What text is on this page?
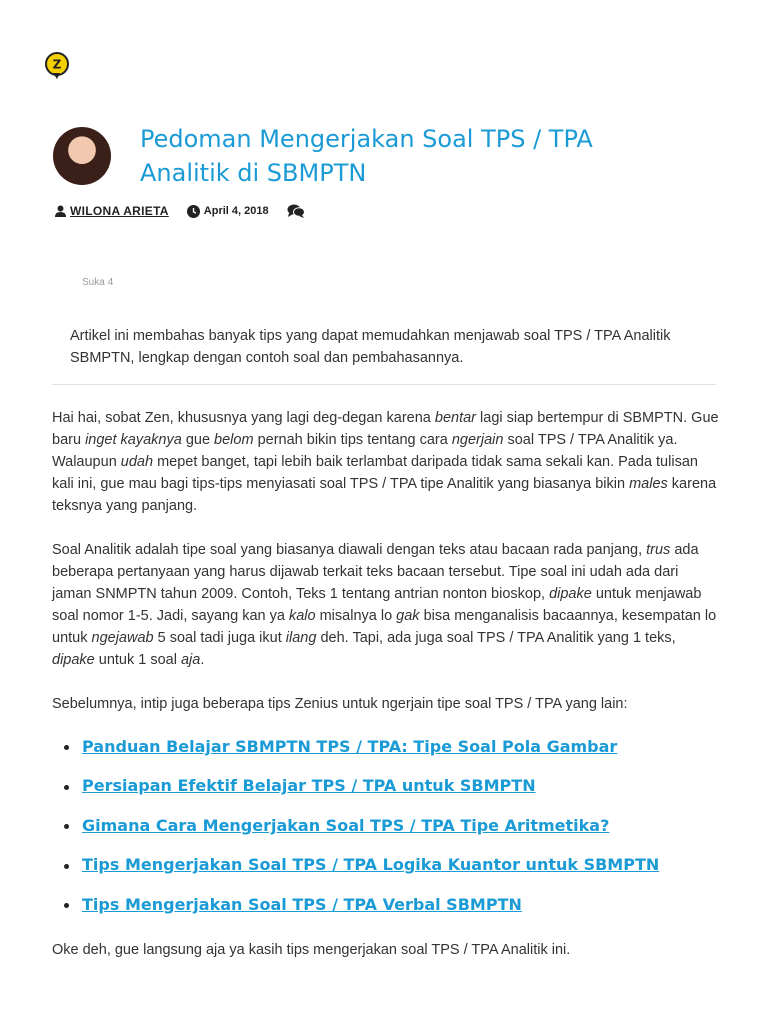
Z
Pedoman Mengerjakan Soal TPS / TPA Analitik di SBMPTN
WILONA ARIETA	April 4, 2018
Suka 4

Artikel ini membahas banyak tips yang dapat memudahkan menjawab soal TPS / TPA Analitik SBMPTN, lengkap dengan contoh soal dan pembahasannya.

Hai hai, sobat Zen, khususnya yang lagi deg-degan karena bentar lagi siap bertempur di SBMPTN. Gue baru inget kayaknya gue belom pernah bikin tips tentang cara ngerjain soal TPS / TPA Analitik ya. Walaupun udah mepet banget, tapi lebih baik terlambat daripada tidak sama sekali kan. Pada tulisan kali ini, gue mau bagi tips-tips menyiasati soal TPS / TPA tipe Analitik yang biasanya bikin males karena teksnya yang panjang.

Soal Analitik adalah tipe soal yang biasanya diawali dengan teks atau bacaan rada panjang, trus ada beberapa pertanyaan yang harus dijawab terkait teks bacaan tersebut. Tipe soal ini udah ada dari jaman SNMPTN tahun 2009. Contoh, Teks 1 tentang antrian nonton bioskop, dipake untuk menjawab soal nomor 1-5. Jadi, sayang kan ya kalo misalnya lo gak bisa menganalisis bacaannya, kesempatan lo untuk ngejawab 5 soal tadi juga ikut ilang deh. Tapi, ada juga soal TPS / TPA Analitik yang 1 teks, dipake untuk 1 soal aja.

Sebelumnya, intip juga beberapa tips Zenius untuk ngerjain tipe soal TPS / TPA yang lain:

Panduan Belajar SBMPTN TPS / TPA: Tipe Soal Pola Gambar
Persiapan Efektif Belajar TPS / TPA untuk SBMPTN
Gimana Cara Mengerjakan Soal TPS / TPA Tipe Aritmetika?
Tips Mengerjakan Soal TPS / TPA Logika Kuantor untuk SBMPTN
Tips Mengerjakan Soal TPS / TPA Verbal SBMPTN

Oke deh, gue langsung aja ya kasih tips mengerjakan soal TPS / TPA Analitik ini.
